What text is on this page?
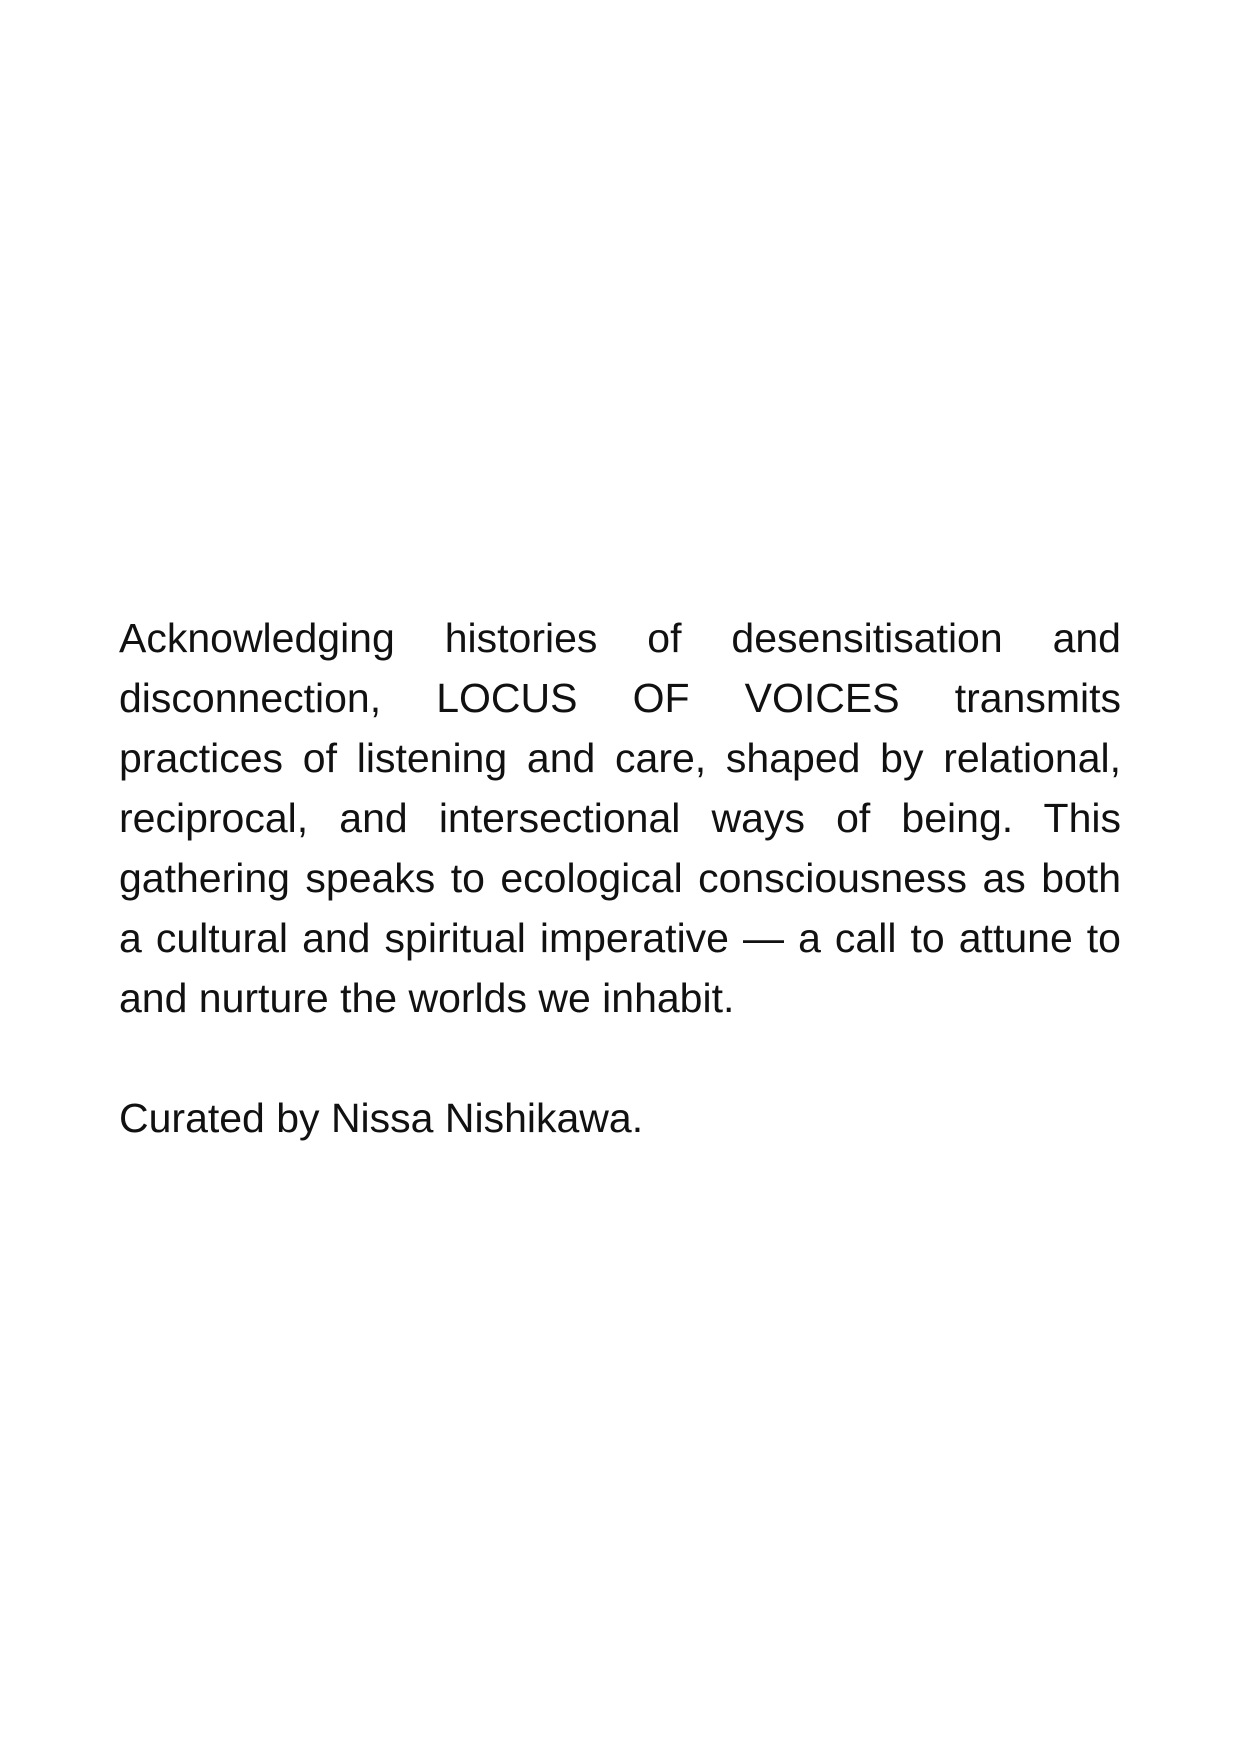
Acknowledging histories of desensitisation and disconnection, LOCUS OF VOICES transmits practices of listening and care, shaped by relational, reciprocal, and intersectional ways of being. This gathering speaks to ecological consciousness as both a cultural and spiritual imperative — a call to attune to and nurture the worlds we inhabit.

Curated by Nissa Nishikawa.
